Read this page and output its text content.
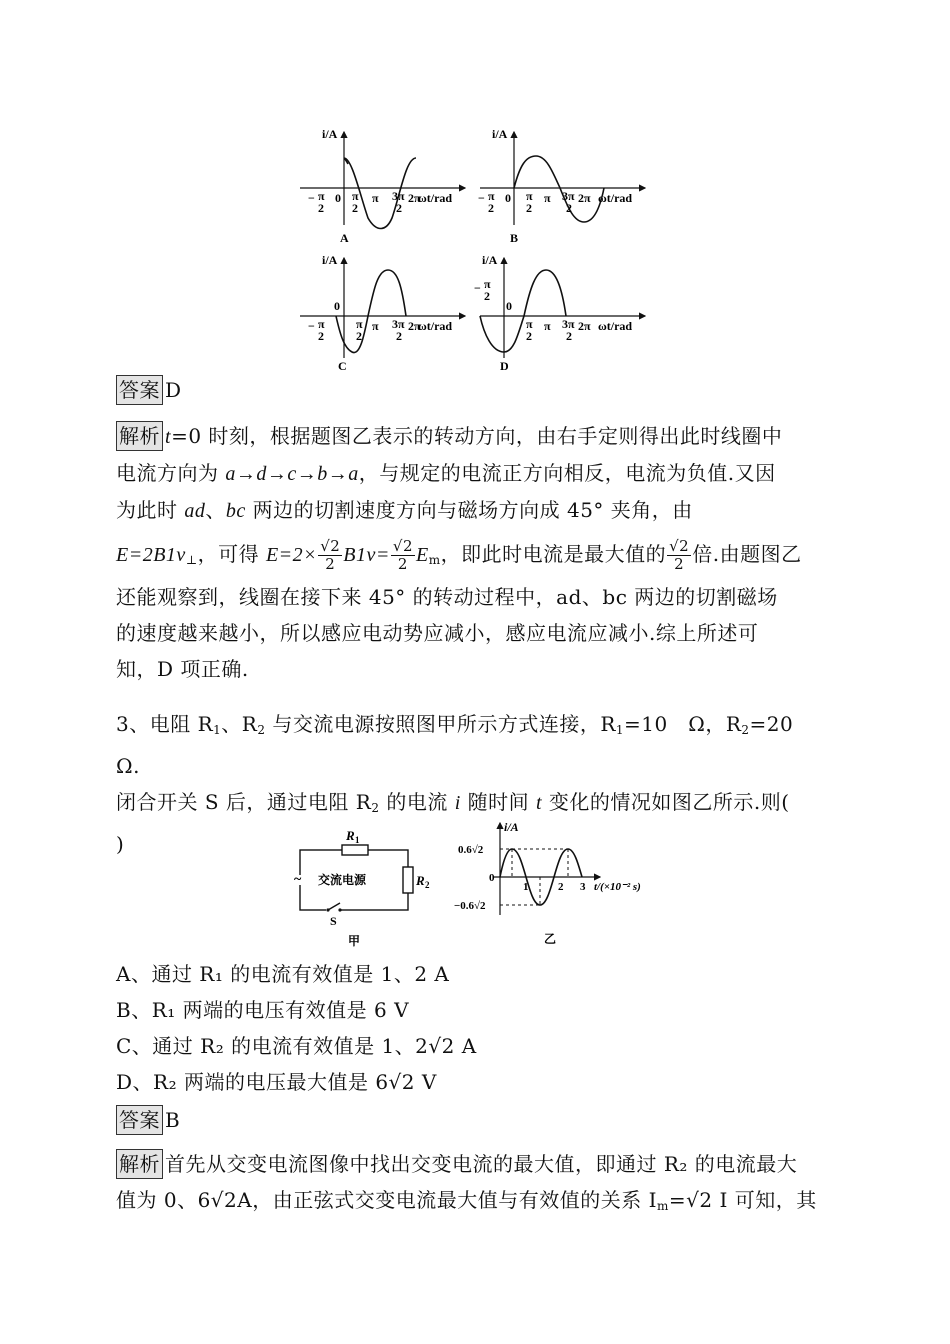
i/A
ωt/rad
− π
2
0 π
2
π 3π
2
2π
A
i/A
ωt/rad
− π
2
0 π
2
π 3π
2
2π
B
i/A
ωt/rad
0
− π
2
π
2
π 3π
2
2π
C
i/A
ωt/rad
− π
2
0
π
2
π 3π
2
2π
D
答案 D
解析 t=0 时刻，根据题图乙表示的转动方向，由右手定则得出此时线圈中
电流方向为 a→d→c→b→a，与规定的电流正方向相反，电流为负值.又因
为此时 ad、bc 两边的切割速度方向与磁场方向成 45° 夹角，由
$E=2B1v_\perp$，可得 $E=2\times \frac{√2}{2} B1v= \frac{√2}{2} E_m$，即此时电流是最大值的 $\frac{√2}{2}$ 倍.由题图乙
还能观察到，线圈在接下来 45° 的转动过程中，ad、bc 两边的切割磁场
的速度越来越小，所以感应电动势应减小，感应电流应减小.综上所述可
知，D 项正确.
3、电阻 $R_1$、$R_2$ 与交流电源按照图甲所示方式连接，$R_1=10$　Ω，$R_2=20$　Ω.
闭合开关 S 后，通过电阻 $R_2$ 的电流 i 随时间 t 变化的情况如图乙所示.则(
)
~
R 1
R 2
交流电源
S
甲
i/A
0.6√2
−0.6√2
0
1	2 3 t/(×10⁻² s)
乙
A、通过 R₁ 的电流有效值是 1、2 A
B、R₁ 两端的电压有效值是 6 V
C、通过 R₂ 的电流有效值是 1、2√2 A
D、R₂ 两端的电压最大值是 6√2 V
答案 B
解析 首先从交变电流图像中找出交变电流的最大值，即通过 R₂ 的电流最大
值为 0、6√2A，由正弦式交变电流最大值与有效值的关系 $I_m=√2$ I 可知，其
